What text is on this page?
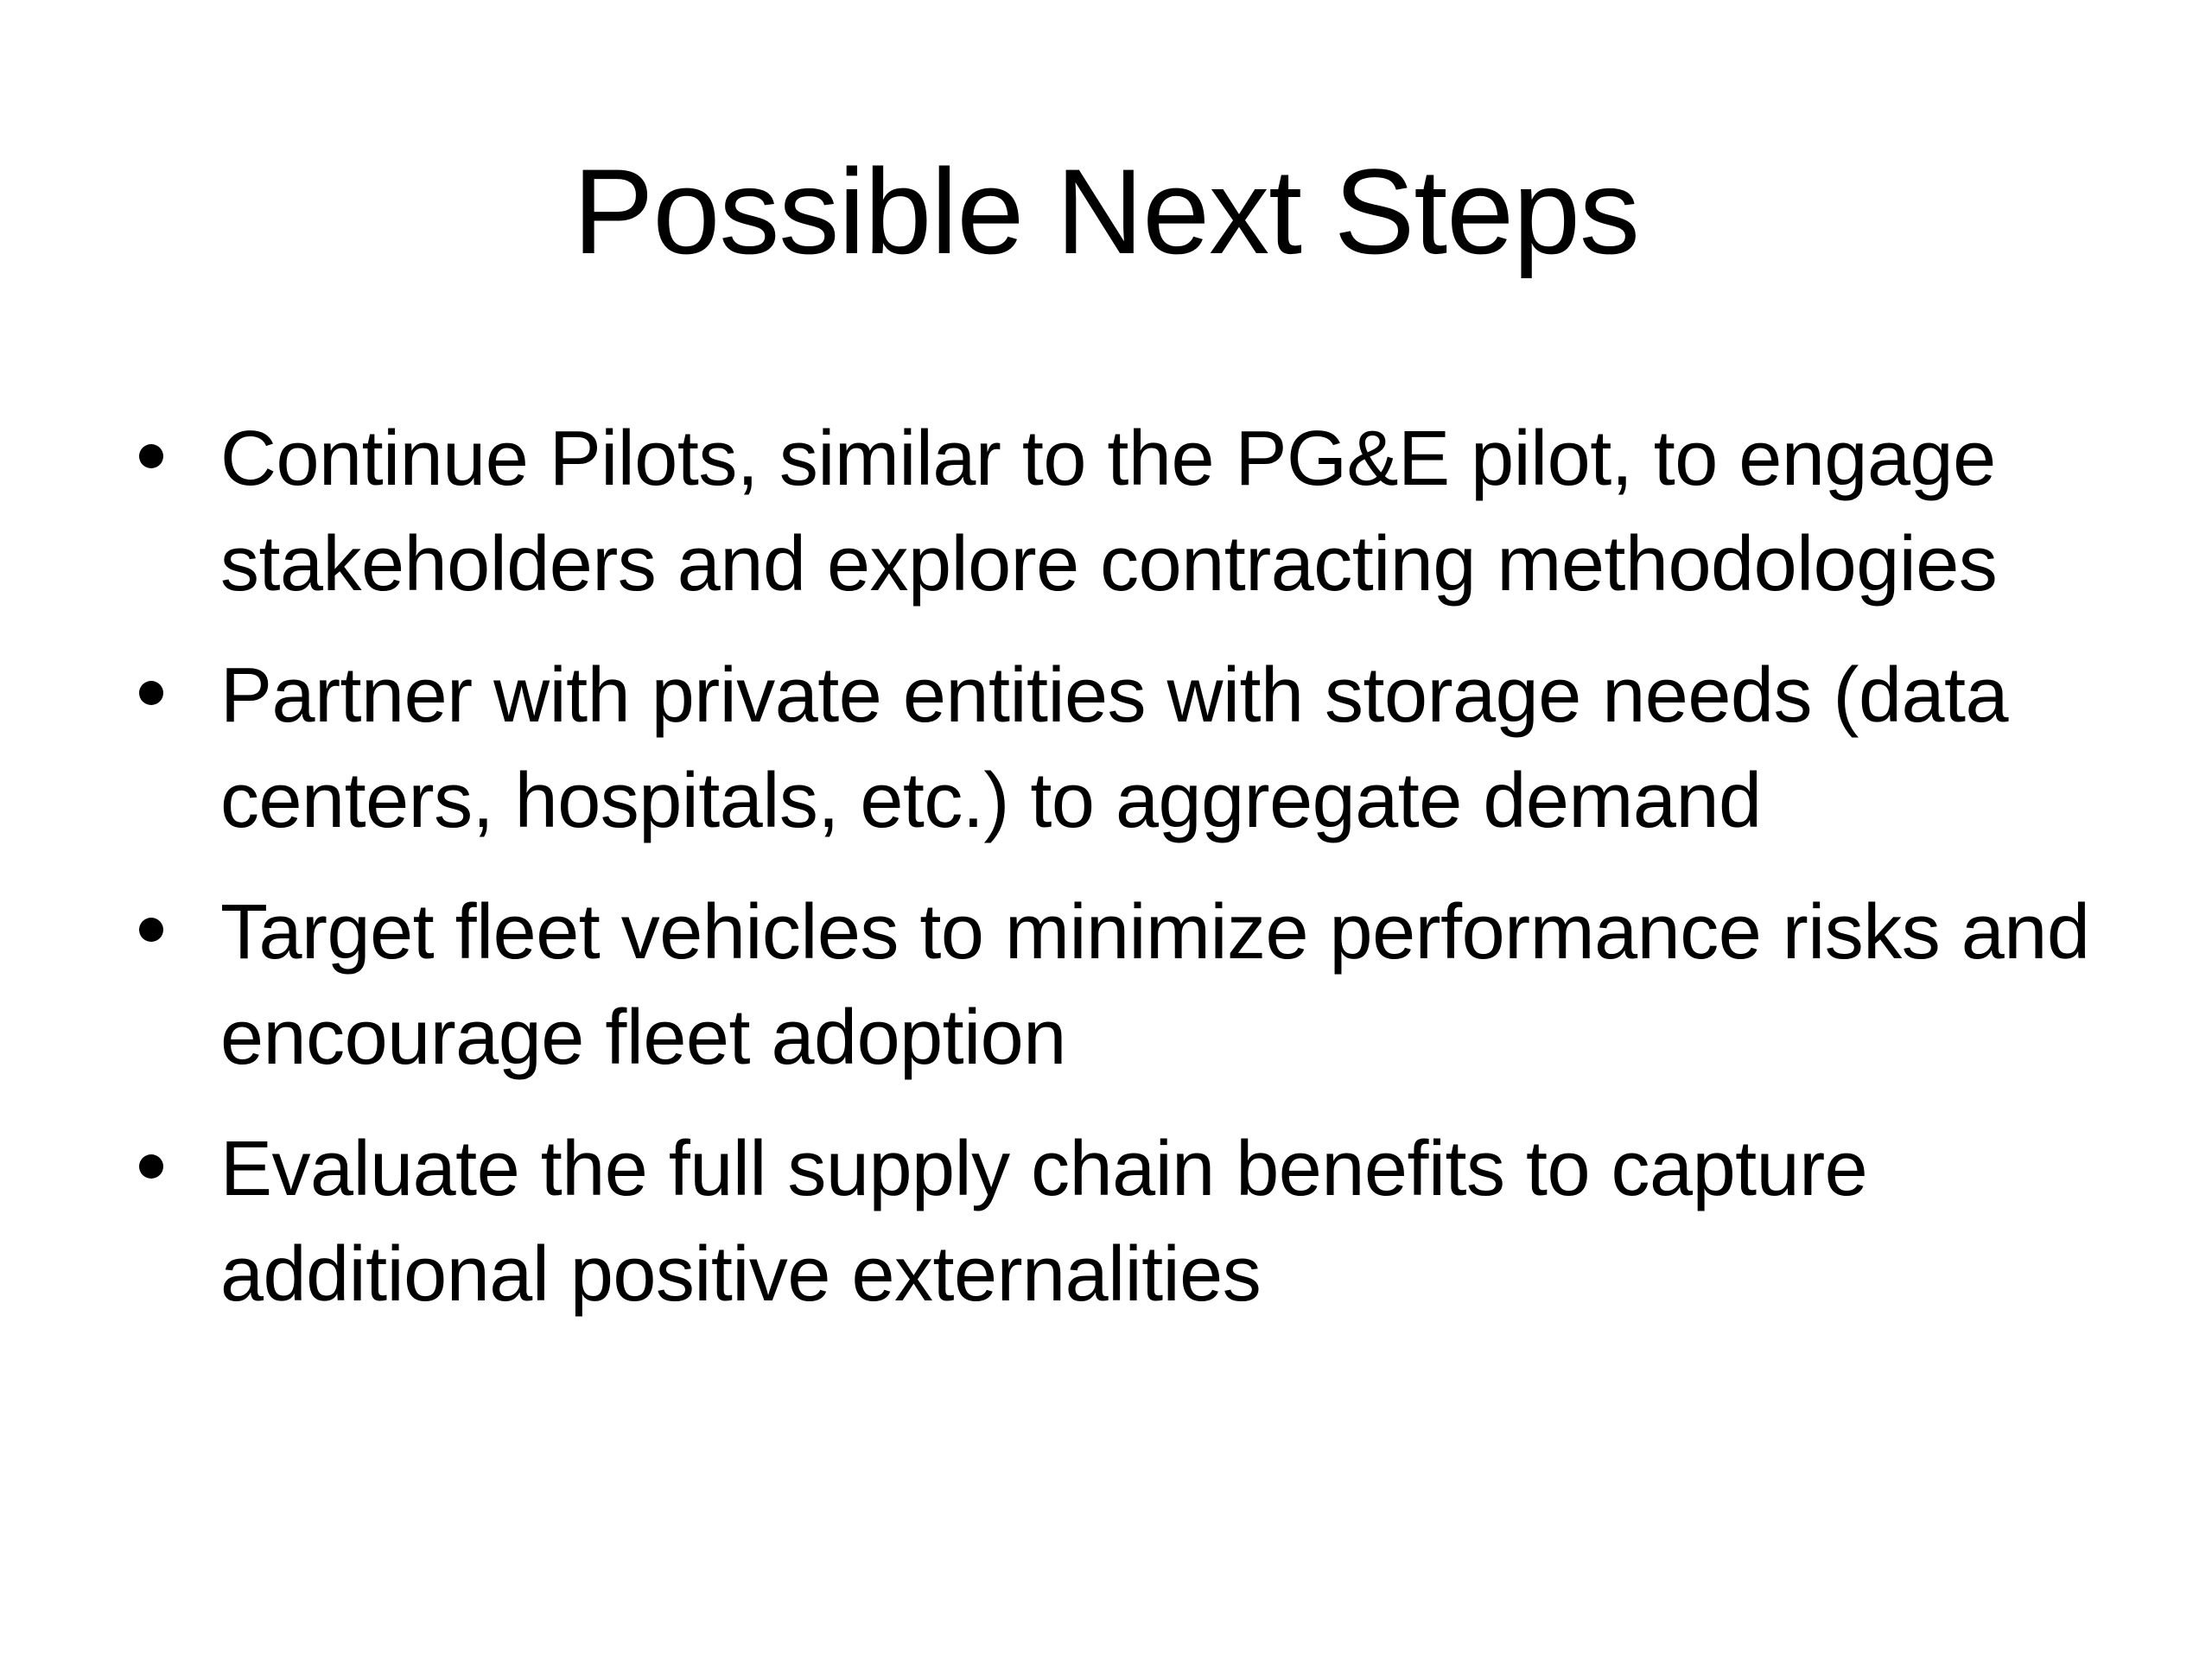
Possible Next Steps
Continue Pilots, similar to the PG&E pilot, to engage stakeholders and explore contracting methodologies
Partner with private entities with storage needs (data centers, hospitals, etc.) to aggregate demand
Target fleet vehicles to minimize performance risks and encourage fleet adoption
Evaluate the full supply chain benefits to capture additional positive externalities
